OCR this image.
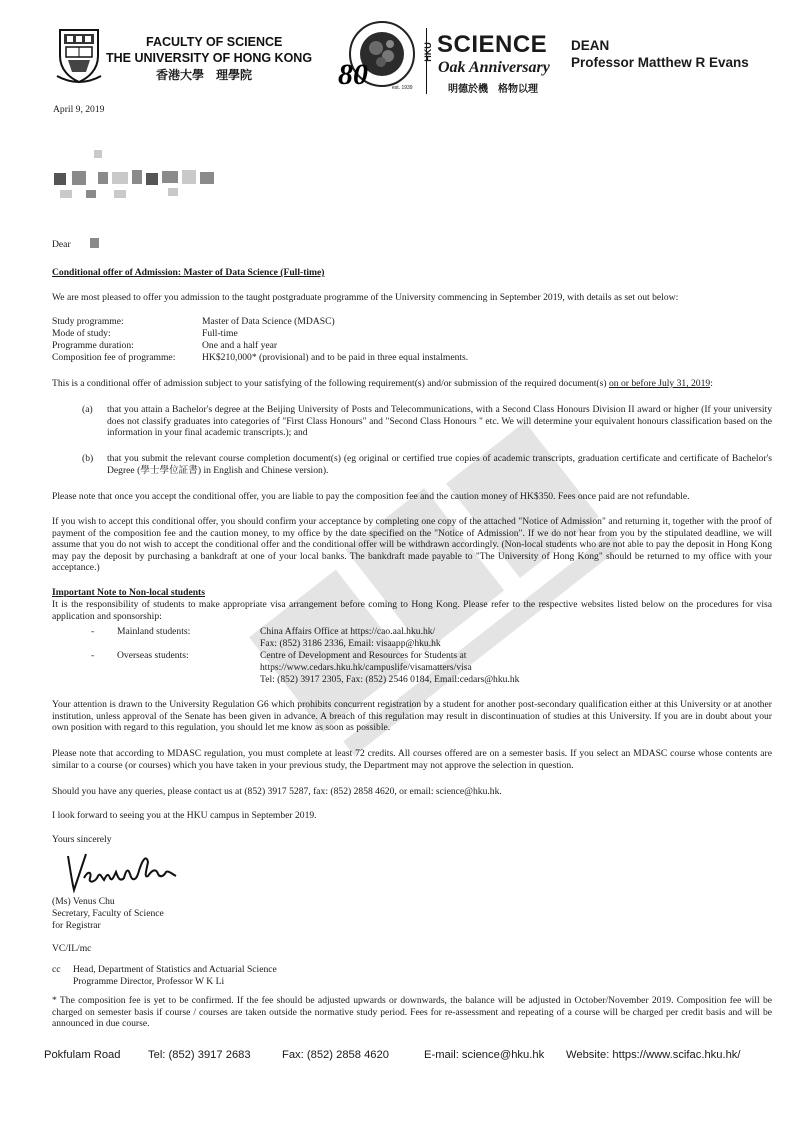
FACULTY OF SCIENCE
THE UNIVERSITY OF HONG KONG
香港大學　理學院	80	est. 1939
HKU SCIENCE
Oak Anniversary
明德於機　格物以理
DEAN
Professor Matthew R Evans
April 9, 2019
Dear
Conditional offer of Admission: Master of Data Science (Full-time)
We are most pleased to offer you admission to the taught postgraduate programme of the University commencing in September 2019, with details as set out below:
Study programme:	Master of Data Science (MDASC)
Mode of study:	Full-time
Programme duration:	One and a half year
Composition fee of programme:	HK$210,000* (provisional) and to be paid in three equal instalments.
This is a conditional offer of admission subject to your satisfying of the following requirement(s) and/or submission of the required document(s) on or before July 31, 2019:
(a) that you attain a Bachelor's degree at the Beijing University of Posts and Telecommunications, with a Second Class Honours Division II award or higher (If your university does not classify graduates into categories of "First Class Honours" and "Second Class Honours " etc. We will determine your equivalent honours classification based on the information in your final academic transcripts.); and
(b) that you submit the relevant course completion document(s) (eg original or certified true copies of academic transcripts, graduation certificate and certificate of Bachelor's Degree (學士學位証書) in English and Chinese version).
Please note that once you accept the conditional offer, you are liable to pay the composition fee and the caution money of HK$350. Fees once paid are not refundable.
If you wish to accept this conditional offer, you should confirm your acceptance by completing one copy of the attached "Notice of Admission" and returning it, together with the proof of payment of the composition fee and the caution money, to my office by the date specified on the "Notice of Admission". If we do not hear from you by the stipulated deadline, we will assume that you do not wish to accept the conditional offer and the conditional offer will be withdrawn accordingly. (Non-local students who are not able to pay the deposit in Hong Kong may pay the deposit by purchasing a bankdraft at one of your local banks. The bankdraft made payable to "The University of Hong Kong" should be returned to my office with your acceptance.)
Important Note to Non-local students
It is the responsibility of students to make appropriate visa arrangement before coming to Hong Kong. Please refer to the respective websites listed below on the procedures for visa application and sponsorship:
- Mainland students:	China Affairs Office at https://cao.aal.hku.hk/
Fax: (852) 3186 2336, Email: visaapp@hku.hk
- Overseas students:	Centre of Development and Resources for Students at
https://www.cedars.hku.hk/campuslife/visamatters/visa
Tel: (852) 3917 2305, Fax: (852) 2546 0184, Email:cedars@hku.hk
Your attention is drawn to the University Regulation G6 which prohibits concurrent registration by a student for another post-secondary qualification either at this University or at another institution, unless approval of the Senate has been given in advance. A breach of this regulation may result in discontinuation of studies at this University. If you are in doubt about your own position with regard to this regulation, you should let me know as soon as possible.
Please note that according to MDASC regulation, you must complete at least 72 credits. All courses offered are on a semester basis. If you select an MDASC course whose contents are similar to a course (or courses) which you have taken in your previous study, the Department may not approve the selection in question.
Should you have any queries, please contact us at (852) 3917 5287, fax: (852) 2858 4620, or email: science@hku.hk.
I look forward to seeing you at the HKU campus in September 2019.
Yours sincerely
(Ms) Venus Chu
Secretary, Faculty of Science
for Registrar
VC/IL/mc
cc Head, Department of Statistics and Actuarial Science
Programme Director, Professor W K Li
* The composition fee is yet to be confirmed. If the fee should be adjusted upwards or downwards, the balance will be adjusted in October/November 2019. Composition fee will be charged on semester basis if course / courses are taken outside the normative study period. Fees for re-assessment and repeating of a course will be charged per credit basis and will be announced in due course.
Pokfulam Road Tel: (852) 3917 2683	Fax: (852) 2858 4620	E-mail: science@hku.hk Website: https://www.scifac.hku.hk/
